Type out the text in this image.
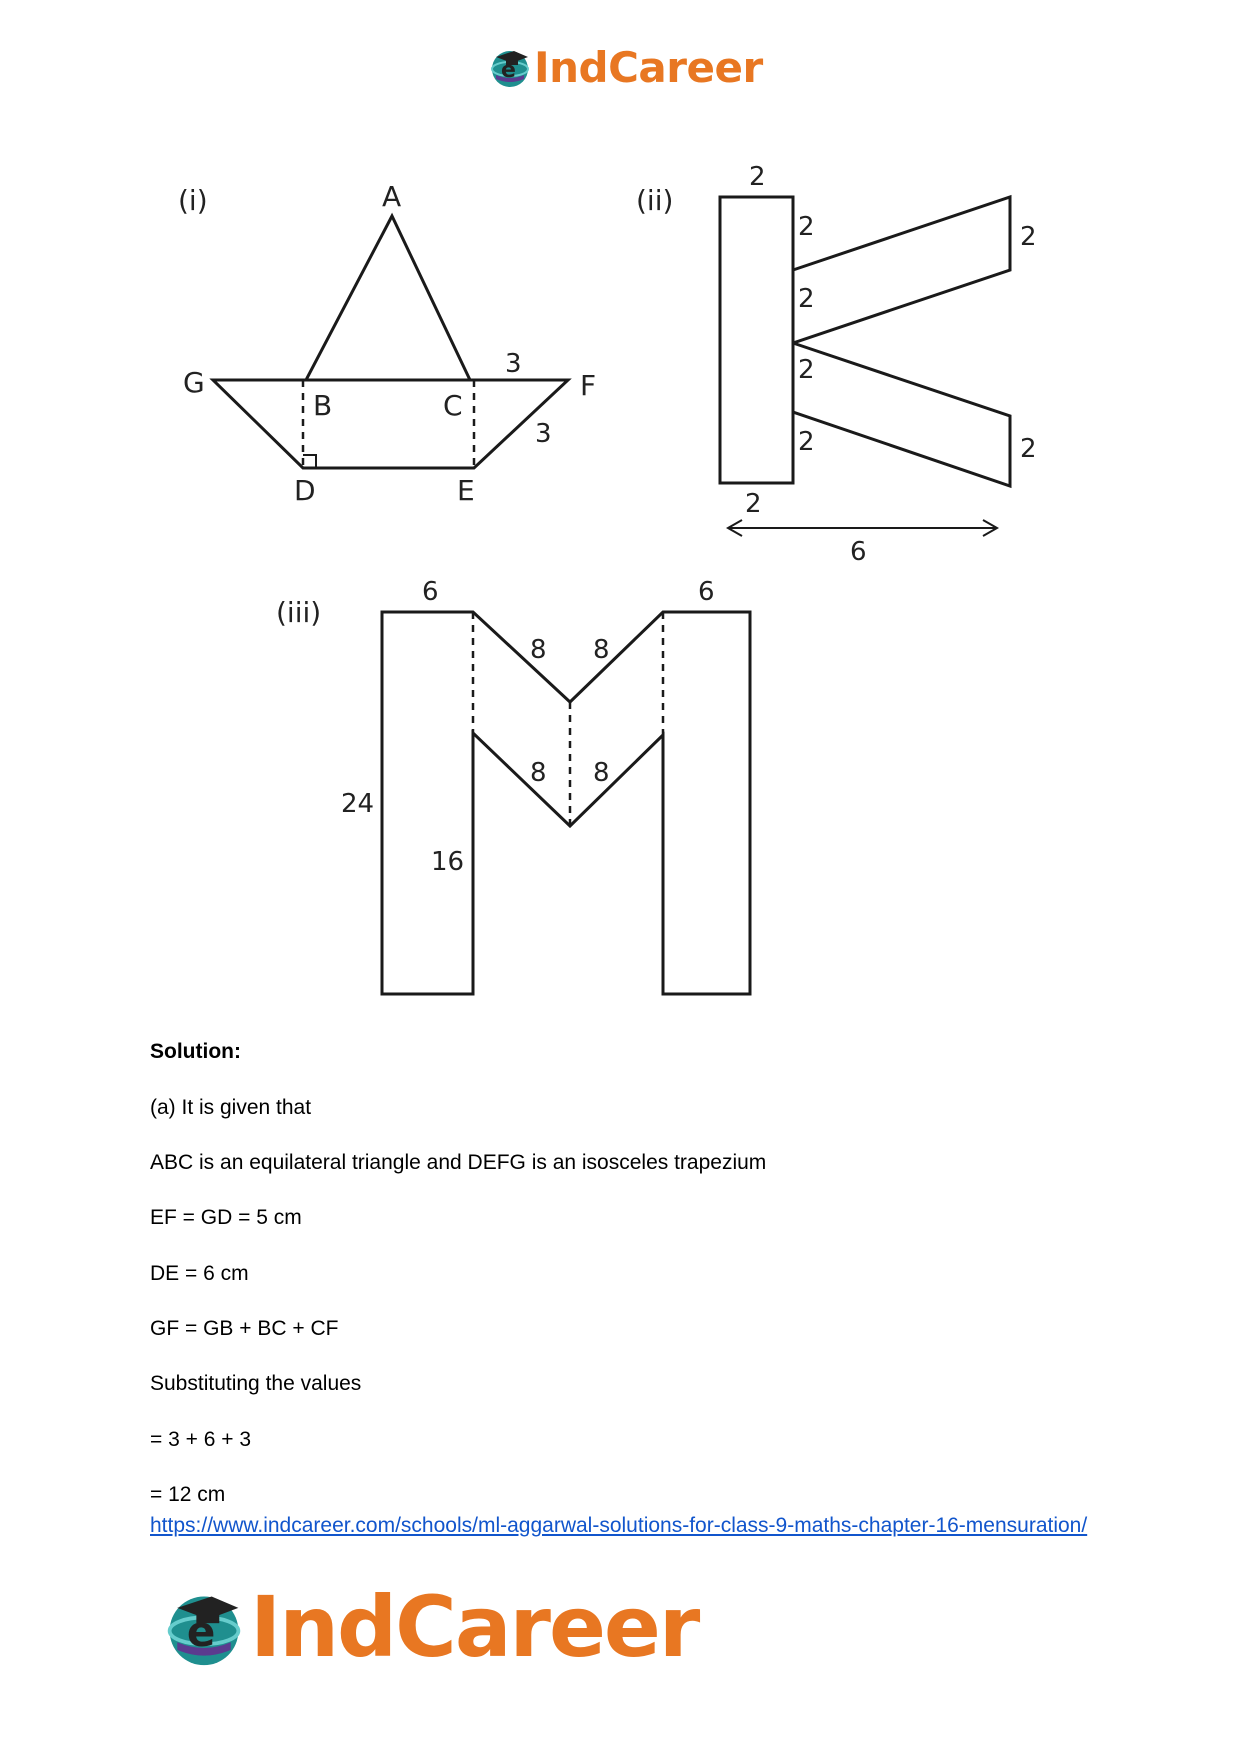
e IndCareer
(i)	A
G
B	C
F
D	E
3
3
(ii)
2
2
2
2
2
2
2
2
6
(iii)
6	6
8 8
8 8
24
16
Solution:
(a) It is given that
ABC is an equilateral triangle and DEFG is an isosceles trapezium
EF = GD = 5 cm
DE = 6 cm
GF = GB + BC + CF
Substituting the values
= 3 + 6 + 3
= 12 cm
https://www.indcareer.com/schools/ml-aggarwal-solutions-for-class-9-maths-chapter-16-mensuration/
e IndCareer
